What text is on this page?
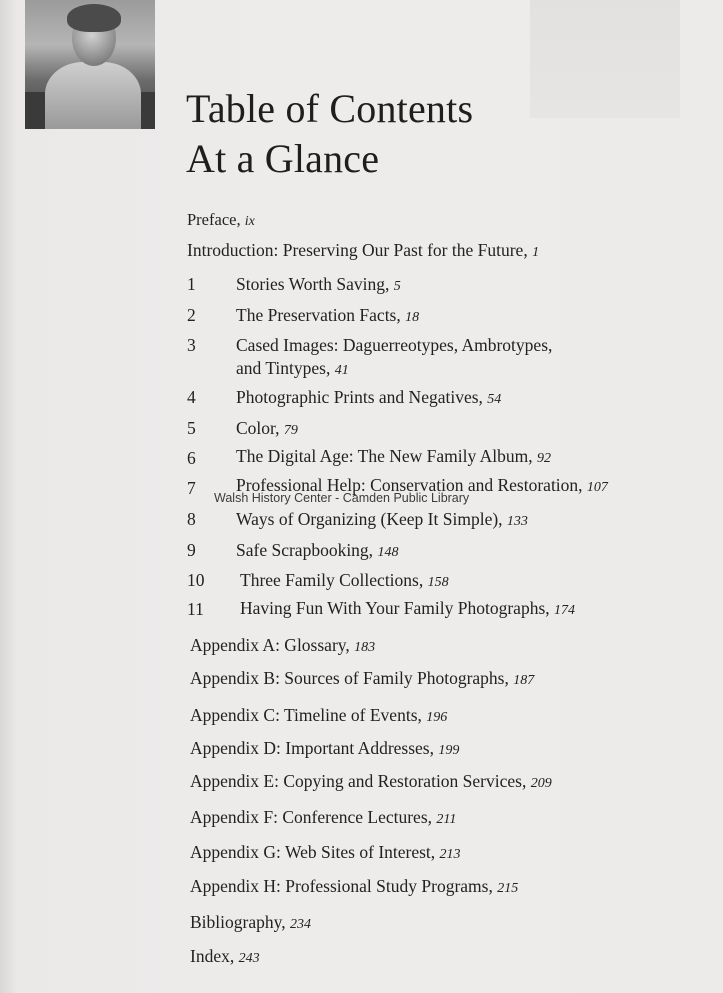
Table of Contents
At a Glance
Preface, ix
Introduction: Preserving Our Past for the Future, 1
1 Stories Worth Saving, 5
2 The Preservation Facts, 18
3 Cased Images: Daguerreotypes, Ambrotypes,
and Tintypes, 41
4 Photographic Prints and Negatives, 54
5 Color, 79
6 The Digital Age: The New Family Album, 92
7 Professional Help: Conservation and Restoration, 107
Walsh History Center - Camden Public Library
8 Ways of Organizing (Keep It Simple), 133
9 Safe Scrapbooking, 148
10 Three Family Collections, 158
11 Having Fun With Your Family Photographs, 174
Appendix A: Glossary, 183
Appendix B: Sources of Family Photographs, 187
Appendix C: Timeline of Events, 196
Appendix D: Important Addresses, 199
Appendix E: Copying and Restoration Services, 209
Appendix F: Conference Lectures, 211
Appendix G: Web Sites of Interest, 213
Appendix H: Professional Study Programs, 215
Bibliography, 234
Index, 243
